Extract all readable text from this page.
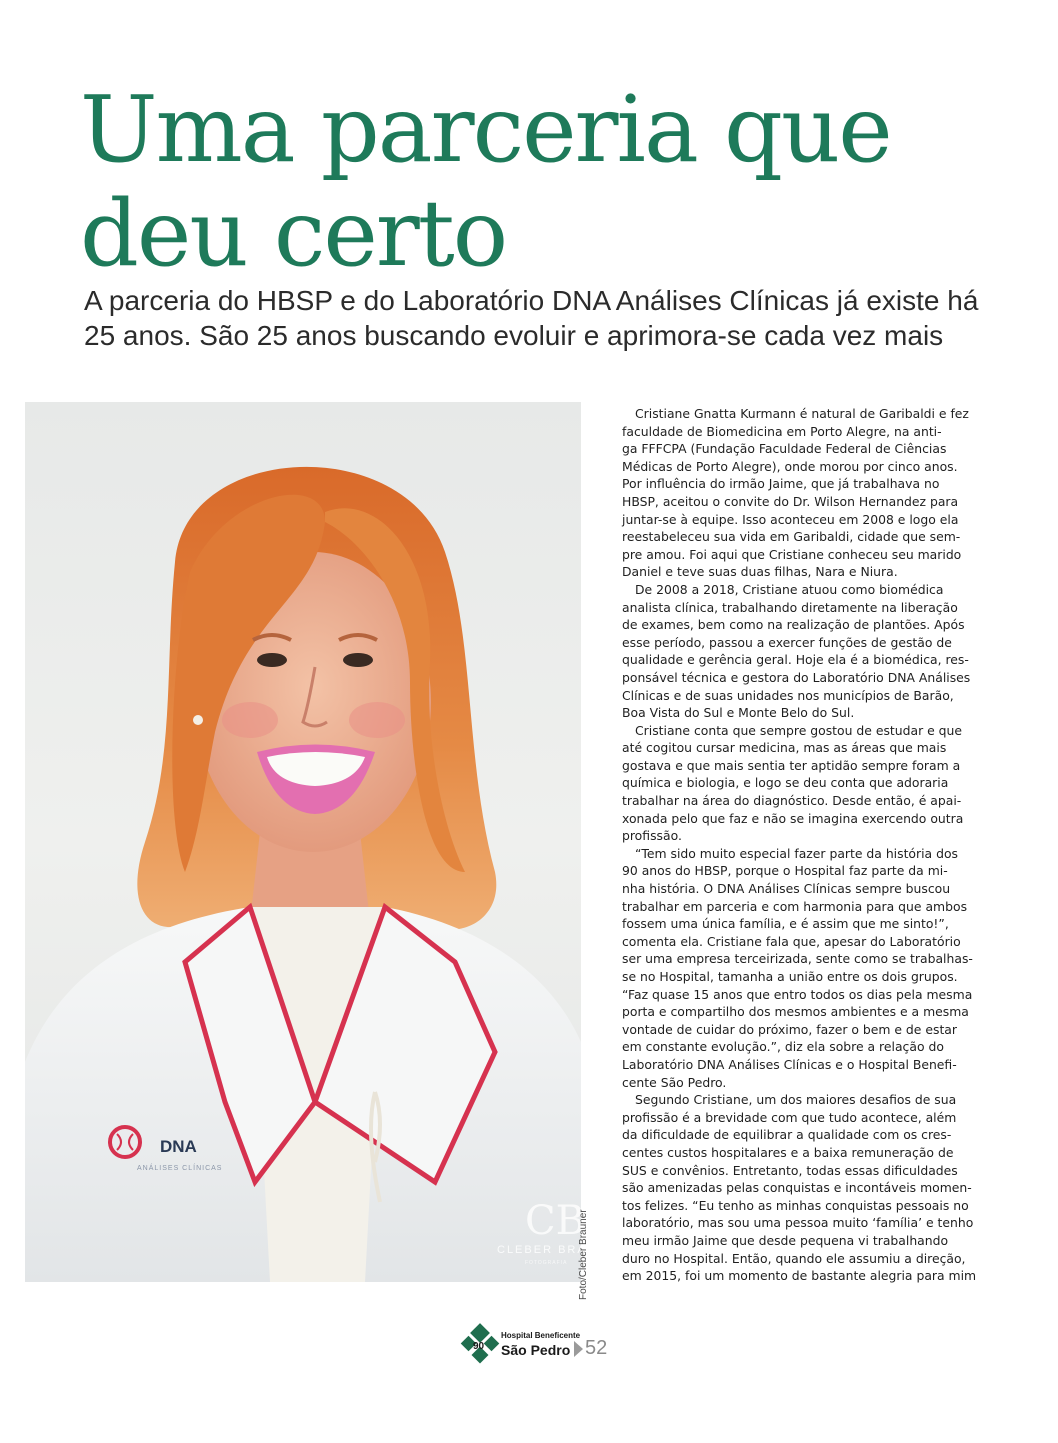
Uma parceria que
deu certo

A parceria do HBSP e do Laboratório DNA Análises Clínicas já existe há
25 anos. São 25 anos buscando evoluir e aprimora-se cada vez mais

DNA
ANÁLISES CLÍNICAS
CB
CLEBER BRAU
FOTOGRAFIA Foto/Cleber Brauner
Cristiane Gnatta Kurmann é natural de Garibaldi e fez
faculdade de Biomedicina em Porto Alegre, na anti-
ga FFFCPA (Fundação Faculdade Federal de Ciências
Médicas de Porto Alegre), onde morou por cinco anos.
Por influência do irmão Jaime, que já trabalhava no
HBSP, aceitou o convite do Dr. Wilson Hernandez para
juntar-se à equipe. Isso aconteceu em 2008 e logo ela
reestabeleceu sua vida em Garibaldi, cidade que sem-
pre amou. Foi aqui que Cristiane conheceu seu marido
Daniel e teve suas duas filhas, Nara e Niura.
De 2008 a 2018, Cristiane atuou como biomédica
analista clínica, trabalhando diretamente na liberação
de exames, bem como na realização de plantões. Após
esse período, passou a exercer funções de gestão de
qualidade e gerência geral. Hoje ela é a biomédica, res-
ponsável técnica e gestora do Laboratório DNA Análises
Clínicas e de suas unidades nos municípios de Barão,
Boa Vista do Sul e Monte Belo do Sul.
Cristiane conta que sempre gostou de estudar e que
até cogitou cursar medicina, mas as áreas que mais
gostava e que mais sentia ter aptidão sempre foram a
química e biologia, e logo se deu conta que adoraria
trabalhar na área do diagnóstico. Desde então, é apai-
xonada pelo que faz e não se imagina exercendo outra
profissão.
“Tem sido muito especial fazer parte da história dos
90 anos do HBSP, porque o Hospital faz parte da mi-
nha história. O DNA Análises Clínicas sempre buscou
trabalhar em parceria e com harmonia para que ambos
fossem uma única família, e é assim que me sinto!”,
comenta ela. Cristiane fala que, apesar do Laboratório
ser uma empresa terceirizada, sente como se trabalhas-
se no Hospital, tamanha a união entre os dois grupos.
“Faz quase 15 anos que entro todos os dias pela mesma
porta e compartilho dos mesmos ambientes e a mesma
vontade de cuidar do próximo, fazer o bem e de estar
em constante evolução.”, diz ela sobre a relação do
Laboratório DNA Análises Clínicas e o Hospital Benefi-
cente São Pedro.
Segundo Cristiane, um dos maiores desafios de sua
profissão é a brevidade com que tudo acontece, além
da dificuldade de equilibrar a qualidade com os cres-
centes custos hospitalares e a baixa remuneração de
SUS e convênios. Entretanto, todas essas dificuldades
são amenizadas pelas conquistas e incontáveis momen-
tos felizes. “Eu tenho as minhas conquistas pessoais no
laboratório, mas sou uma pessoa muito ‘família’ e tenho
meu irmão Jaime que desde pequena vi trabalhando
duro no Hospital. Então, quando ele assumiu a direção,
em 2015, foi um momento de bastante alegria para mim
90
Hospital Beneficente
São Pedro 52
